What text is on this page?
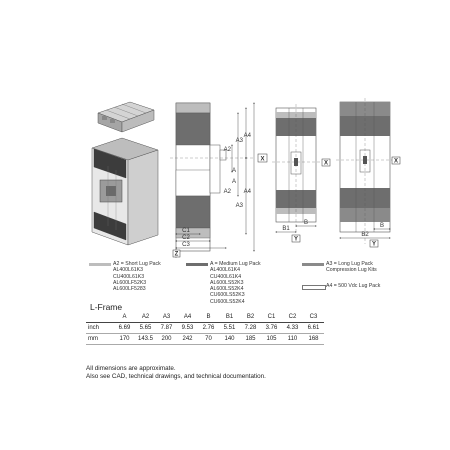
A4
A3
A2
A
A
A2
A3
A4
X
Z
C1
C2
C3
B1
B
X
Y
B2
B
X
Y
A2 = Short Lug Pack
AL400L61K3
CU400L61K3
AL600LF52K3
AL600LF5283
A = Medium Lug Pack
AL400L61K4
CU400L61K4
AL600LS52K3
AL600LS52K4
CU600LS52K3
CU600LS52K4
A3 = Long Lug Pack
Compression Lug Kits
A4 = 500 Vdc Lug Pack
L-Frame
	A	A2	A3	A4	B	B1	B2	C1	C2	C3
inch	6.69	5.65	7.87	9.53	2.76	5.51	7.28	3.76	4.33	6.61
mm	170	143.5	200	242	70	140	185	105	110	168
All dimensions are approximate.
Also see CAD, technical drawings, and technical documentation.
